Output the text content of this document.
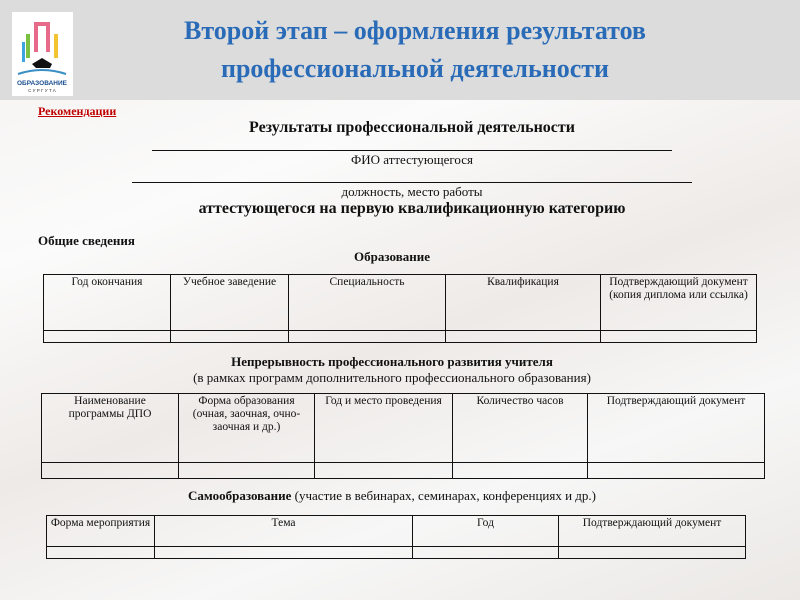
ОБРАЗОВАНИЕ
С У Р Г У Т А
Второй этап – оформления результатов
профессиональной деятельности
Рекомендации
Результаты профессиональной деятельности
ФИО аттестующегося
должность, место работы
аттестующегося на первую квалификационную категорию
Общие сведения
Образование
Год окончания	Учебное заведение	Специальность	Квалификация	Подтверждающий документ (копия диплома или ссылка)

Непрерывность профессионального развития учителя
(в рамках программ дополнительного профессионального образования)
Наименование программы ДПО	Форма образования (очная, заочная, очно-заочная и др.)	Год и место проведения	Количество часов	Подтверждающий документ

Самообразование (участие в вебинарах, семинарах, конференциях и др.)
Форма мероприятия	Тема	Год	Подтверждающий документ
